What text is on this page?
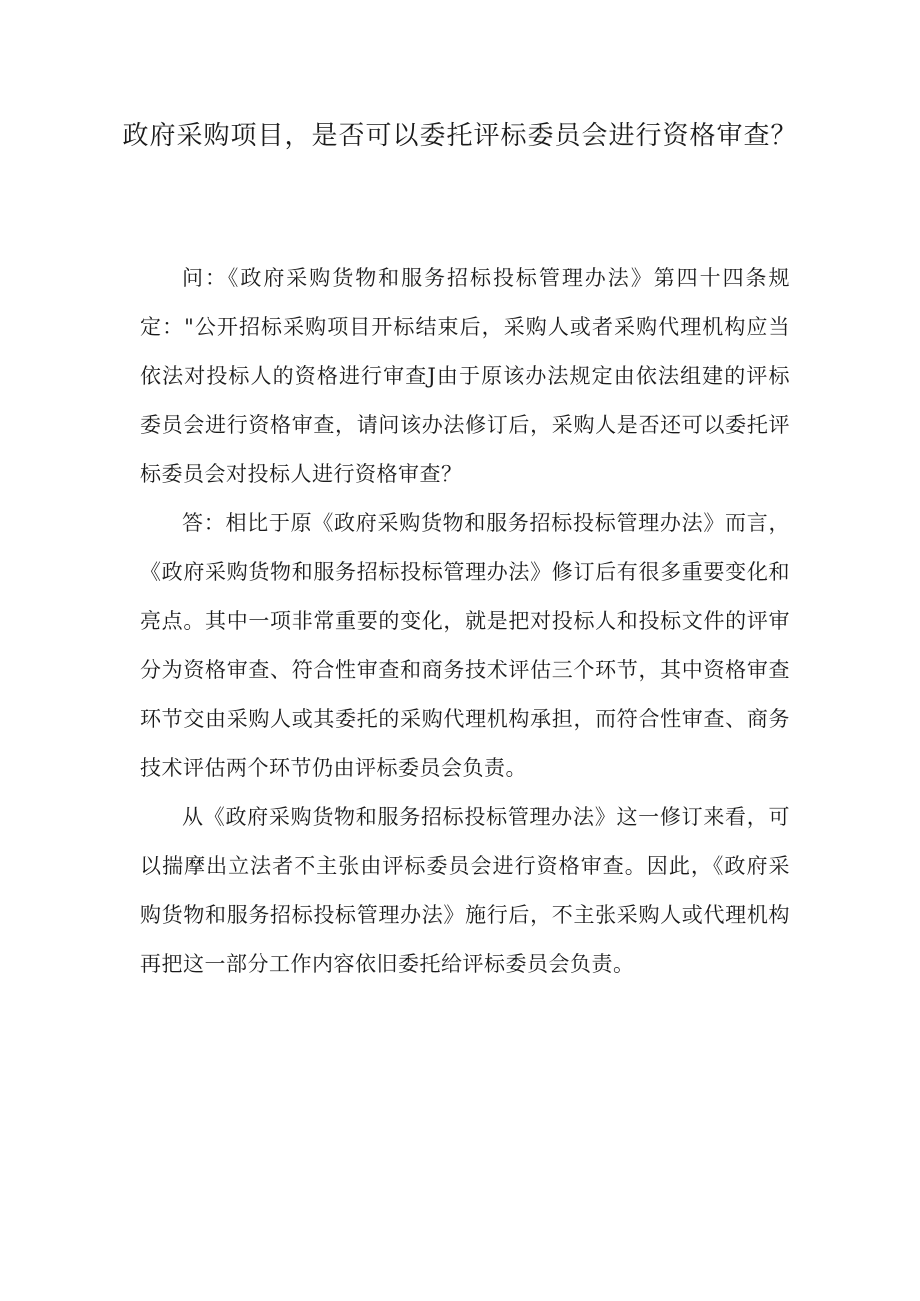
政府采购项目，是否可以委托评标委员会进行资格审查？

问：《政府采购货物和服务招标投标管理办法》第四十四条规定："公开招标采购项目开标结束后，采购人或者采购代理机构应当依法对投标人的资格进行审查J由于原该办法规定由依法组建的评标委员会进行资格审查，请问该办法修订后，采购人是否还可以委托评标委员会对投标人进行资格审查？

答：相比于原《政府采购货物和服务招标投标管理办法》而言，《政府采购货物和服务招标投标管理办法》修订后有很多重要变化和亮点。其中一项非常重要的变化，就是把对投标人和投标文件的评审分为资格审查、符合性审查和商务技术评估三个环节，其中资格审查环节交由采购人或其委托的采购代理机构承担，而符合性审查、商务技术评估两个环节仍由评标委员会负责。

从《政府采购货物和服务招标投标管理办法》这一修订来看，可以揣摩出立法者不主张由评标委员会进行资格审查。因此，《政府采购货物和服务招标投标管理办法》施行后，不主张采购人或代理机构再把这一部分工作内容依旧委托给评标委员会负责。
